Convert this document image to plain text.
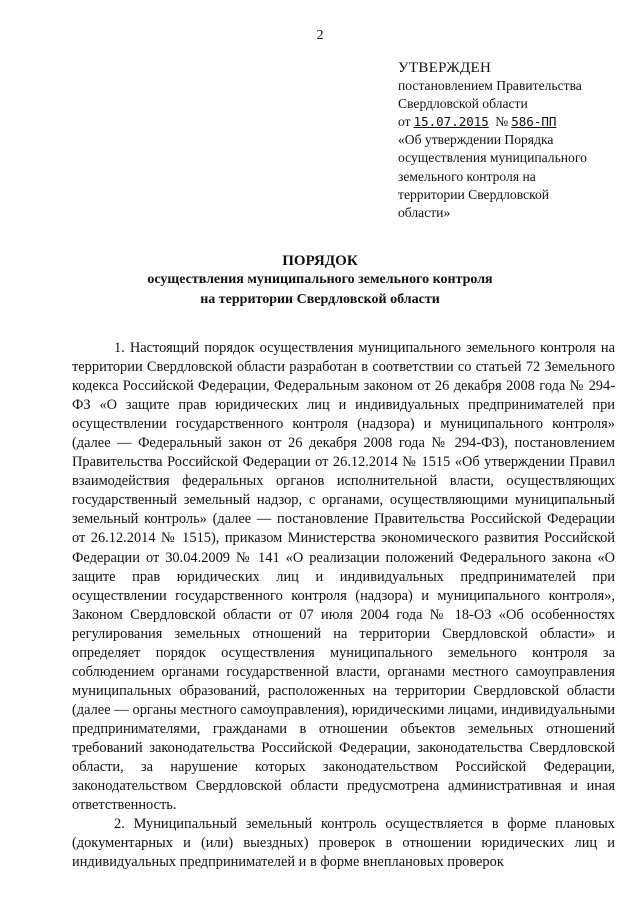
2
УТВЕРЖДЕН
постановлением Правительства
Свердловской области
от 15.07.2015 № 586-ПП
«Об утверждении Порядка
осуществления муниципального
земельного контроля на
территории Свердловской
области»
ПОРЯДОК
осуществления муниципального земельного контроля
на территории Свердловской области

1. Настоящий порядок осуществления муниципального земельного контроля на территории Свердловской области разработан в соответствии со статьей 72 Земельного кодекса Российской Федерации, Федеральным законом от 26 декабря 2008 года № 294-ФЗ «О защите прав юридических лиц и индивидуальных предпринимателей при осуществлении государственного контроля (надзора) и муниципального контроля» (далее — Федеральный закон от 26 декабря 2008 года № 294-ФЗ), постановлением Правительства Российской Федерации от 26.12.2014 № 1515 «Об утверждении Правил взаимодействия федеральных органов исполнительной власти, осуществляющих государственный земельный надзор, с органами, осуществляющими муниципальный земельный контроль» (далее — постановление Правительства Российской Федерации от 26.12.2014 № 1515), приказом Министерства экономического развития Российской Федерации от 30.04.2009 № 141 «О реализации положений Федерального закона «О защите прав юридических лиц и индивидуальных предпринимателей при осуществлении государственного контроля (надзора) и муниципального контроля», Законом Свердловской области от 07 июля 2004 года № 18-ОЗ «Об особенностях регулирования земельных отношений на территории Свердловской области» и определяет порядок осуществления муниципального земельного контроля за соблюдением органами государственной власти, органами местного самоуправления муниципальных образований, расположенных на территории Свердловской области (далее — органы местного самоуправления), юридическими лицами, индивидуальными предпринимателями, гражданами в отношении объектов земельных отношений требований законодательства Российской Федерации, законодательства Свердловской области, за нарушение которых законодательством Российской Федерации, законодательством Свердловской области предусмотрена административная и иная ответственность.

2. Муниципальный земельный контроль осуществляется в форме плановых (документарных и (или) выездных) проверок в отношении юридических лиц и индивидуальных предпринимателей и в форме внеплановых проверок
